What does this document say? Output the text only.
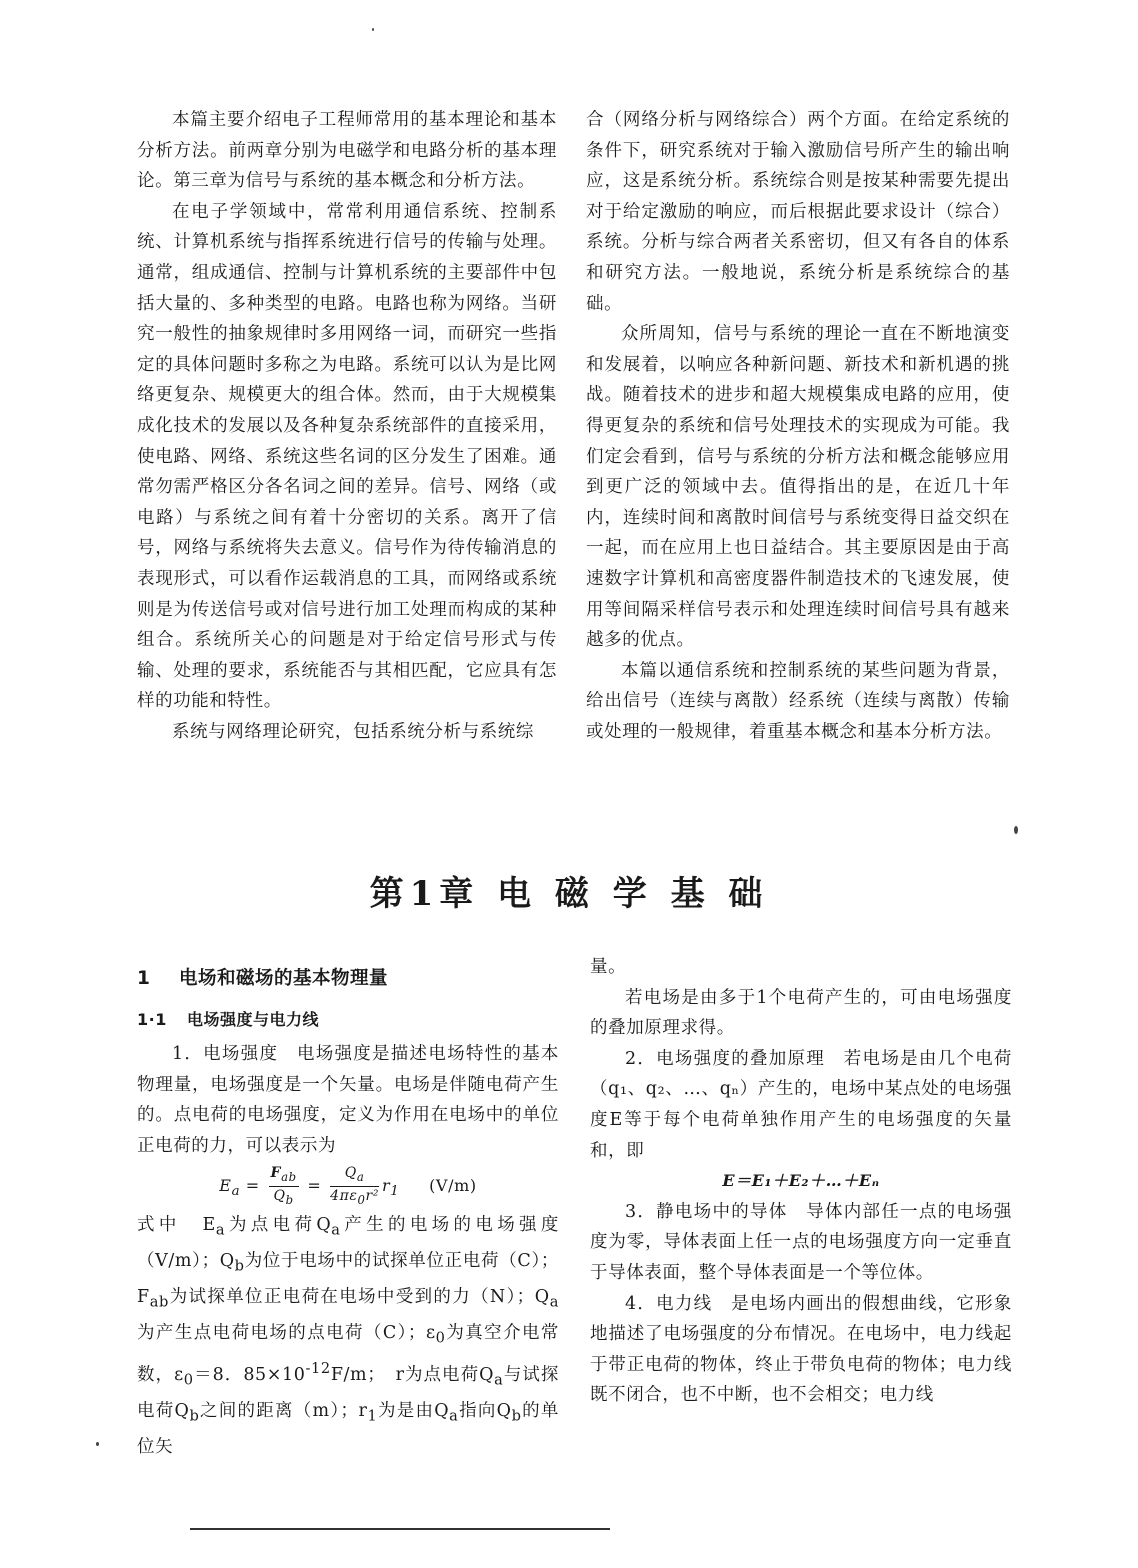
本篇主要介绍电子工程师常用的基本理论和基本分析方法。前两章分别为电磁学和电路分析的基本理论。第三章为信号与系统的基本概念和分析方法。

在电子学领域中，常常利用通信系统、控制系统、计算机系统与指挥系统进行信号的传输与处理。通常，组成通信、控制与计算机系统的主要部件中包括大量的、多种类型的电路。电路也称为网络。当研究一般性的抽象规律时多用网络一词，而研究一些指定的具体问题时多称之为电路。系统可以认为是比网络更复杂、规模更大的组合体。然而，由于大规模集成化技术的发展以及各种复杂系统部件的直接采用，使电路、网络、系统这些名词的区分发生了困难。通常勿需严格区分各名词之间的差异。信号、网络（或电路）与系统之间有着十分密切的关系。离开了信号，网络与系统将失去意义。信号作为待传输消息的表现形式，可以看作运载消息的工具，而网络或系统则是为传送信号或对信号进行加工处理而构成的某种组合。系统所关心的问题是对于给定信号形式与传输、处理的要求，系统能否与其相匹配，它应具有怎样的功能和特性。

系统与网络理论研究，包括系统分析与系统综

合（网络分析与网络综合）两个方面。在给定系统的条件下，研究系统对于输入激励信号所产生的输出响应，这是系统分析。系统综合则是按某种需要先提出对于给定激励的响应，而后根据此要求设计（综合）系统。分析与综合两者关系密切，但又有各自的体系和研究方法。一般地说，系统分析是系统综合的基础。

众所周知，信号与系统的理论一直在不断地演变和发展着，以响应各种新问题、新技术和新机遇的挑战。随着技术的进步和超大规模集成电路的应用，使得更复杂的系统和信号处理技术的实现成为可能。我们定会看到，信号与系统的分析方法和概念能够应用到更广泛的领域中去。值得指出的是，在近几十年内，连续时间和离散时间信号与系统变得日益交织在一起，而在应用上也日益结合。其主要原因是由于高速数字计算机和高密度器件制造技术的飞速发展，使用等间隔采样信号表示和处理连续时间信号具有越来越多的优点。

本篇以通信系统和控制系统的某些问题为背景，给出信号（连续与离散）经系统（连续与离散）传输或处理的一般规律，着重基本概念和基本分析方法。

第1章 电 磁 学 基 础
1 电场和磁场的基本物理量
1·1 电场强度与电力线

1．电场强度　电场强度是描述电场特性的基本物理量，电场强度是一个矢量。电场是伴随电荷产生的。点电荷的电场强度，定义为作用在电场中的单位正电荷的力，可以表示为

$E_a = \frac{F_{ab}}{Q_b} = \frac{Q_a}{4\pi\varepsilon_0r^2} r_1$ (V/m)

式中　$E_a$为点电荷$Q_a$产生的电场的电场强度（V/m）；$Q_b$为位于电场中的试探单位正电荷（C）；$F_{ab}$为试探单位正电荷在电场中受到的力（N）；$Q_a$为产生点电荷电场的点电荷（C）；$\varepsilon_0$为真空介电常数，$\varepsilon_0=8$．$85\times 10^{-12}F/m$；　r为点电荷$Q_a$与试探电荷$Q_b$之间的距离（m）；$r_1$为是由$Q_a$指向$Q_b$的单位矢

量。

若电场是由多于1个电荷产生的，可由电场强度的叠加原理求得。

2．电场强度的叠加原理　若电场是由几个电荷（q₁、q₂、…、qₙ）产生的，电场中某点处的电场强度E等于每个电荷单独作用产生的电场强度的矢量和，即

E＝E₁＋E₂＋…＋Eₙ

3．静电场中的导体　导体内部任一点的电场强度为零，导体表面上任一点的电场强度方向一定垂直于导体表面，整个导体表面是一个等位体。

4．电力线　是电场内画出的假想曲线，它形象地描述了电场强度的分布情况。在电场中，电力线起于带正电荷的物体，终止于带负电荷的物体；电力线既不闭合，也不中断，也不会相交；电力线
